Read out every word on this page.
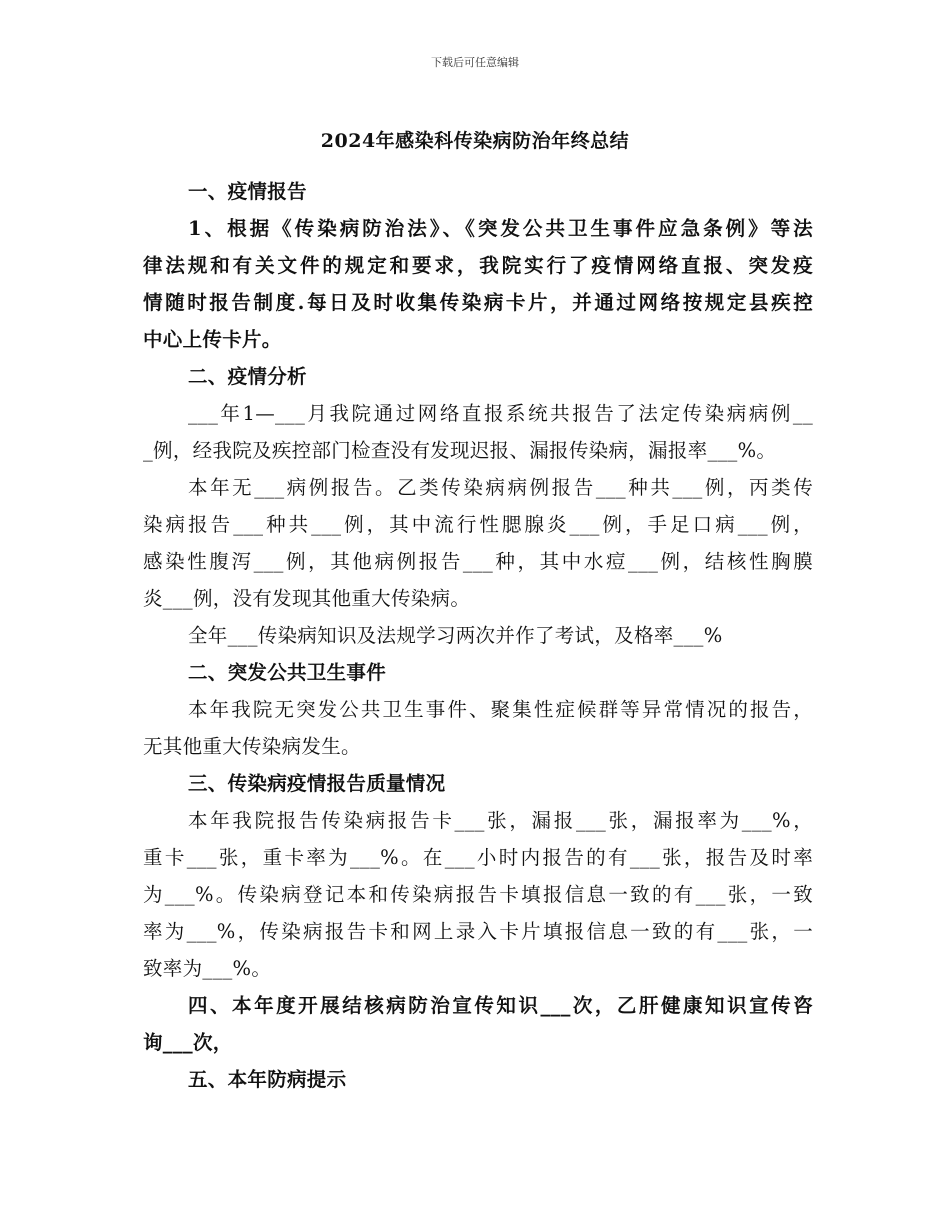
下载后可任意编辑
2024年感染科传染病防治年终总结
一、疫情报告
1、根据《传染病防治法》、《突发公共卫生事件应急条例》等法
律法规和有关文件的规定和要求，我院实行了疫情网络直报、突发疫
情随时报告制度.每日及时收集传染病卡片，并通过网络按规定县疾控
中心上传卡片。
二、疫情分析
___年1—___月我院通过网络直报系统共报告了法定传染病病例__
_例，经我院及疾控部门检查没有发现迟报、漏报传染病，漏报率___%。
本年无___病例报告。乙类传染病病例报告___种共___例，丙类传
染病报告___种共___例，其中流行性腮腺炎___例，手足口病___例，
感染性腹泻___例，其他病例报告___种，其中水痘___例，结核性胸膜
炎___例，没有发现其他重大传染病。
全年___传染病知识及法规学习两次并作了考试，及格率___%
二、突发公共卫生事件
本年我院无突发公共卫生事件、聚集性症候群等异常情况的报告，
无其他重大传染病发生。
三、传染病疫情报告质量情况
本年我院报告传染病报告卡___张，漏报___张，漏报率为___%，
重卡___张，重卡率为___%。在___小时内报告的有___张，报告及时率
为___%。传染病登记本和传染病报告卡填报信息一致的有___张，一致
率为___%，传染病报告卡和网上录入卡片填报信息一致的有___张，一
致率为___%。
四、本年度开展结核病防治宣传知识___次，乙肝健康知识宣传咨
询___次，
五、本年防病提示
